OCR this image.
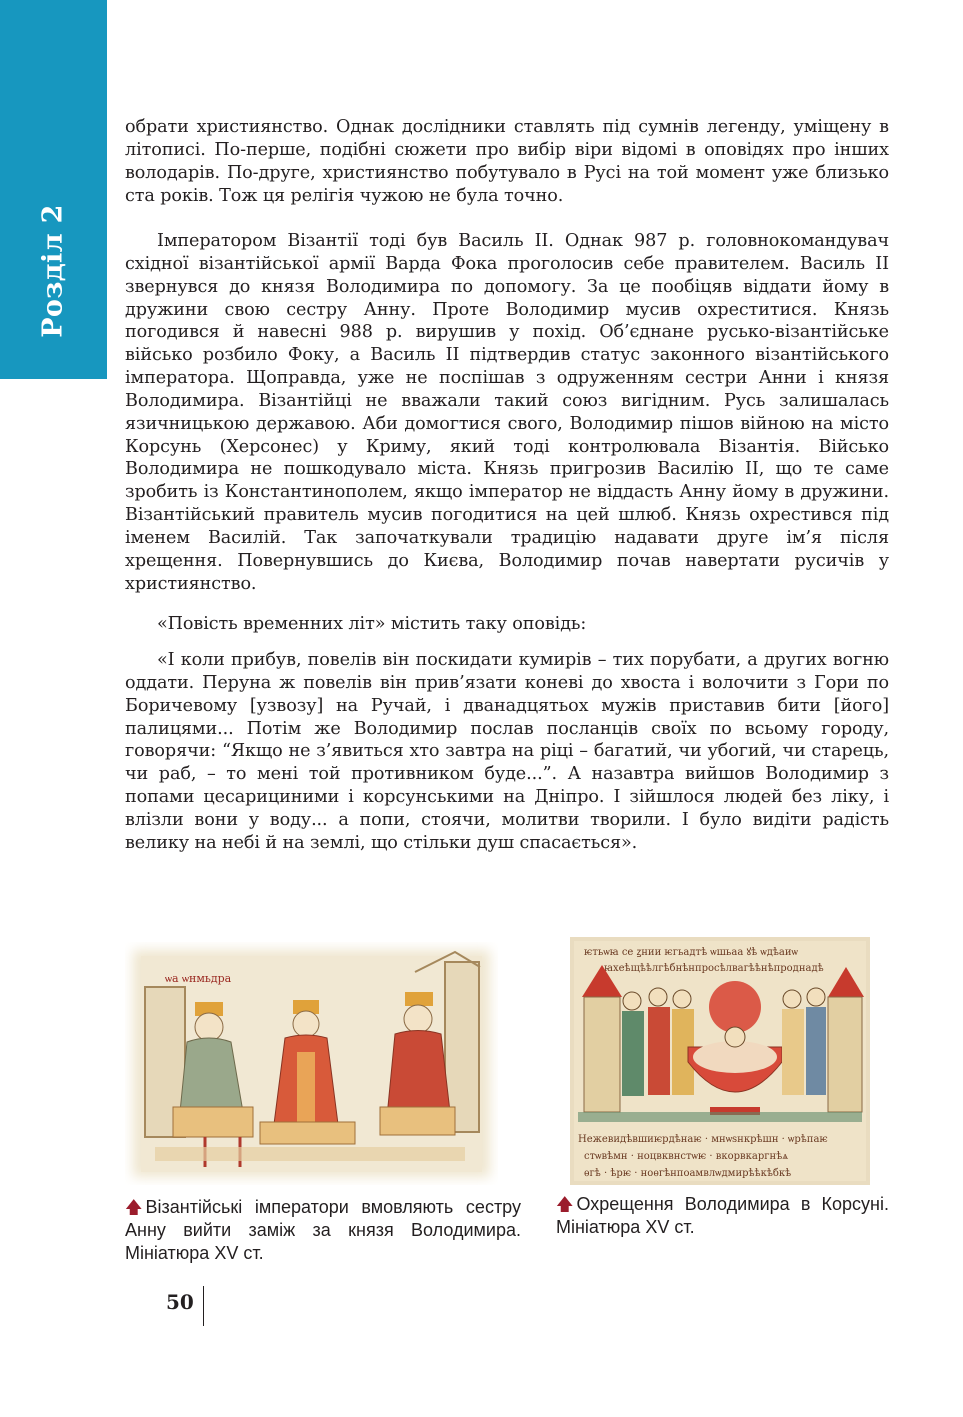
Розділ 2

обрати християнство. Однак дослідники ставлять під сумнів легенду, уміщену в літописі. По-перше, подібні сюжети про вибір віри відомі в оповідях про інших володарів. По-друге, християнство побутувало в Русі на той момент уже близько ста років. Тож ця релігія чужою не була точно.

Імператором Візантії тоді був Василь ІІ. Однак 987 р. головнокомандувач східної візантійської армії Варда Фока проголосив себе правителем. Василь ІІ звернувся до князя Володимира по допомогу. За це пообіцяв віддати йому в дружини свою сестру Анну. Проте Володимир мусив охреститися. Князь погодився й навесні 988 р. вирушив у похід. Об’єднане русько-візантійське військо розбило Фоку, а Василь ІІ підтвердив статус законного візантійського імператора. Щоправда, уже не поспішав з одруженням сестри Анни і князя Володимира. Візантійці не вважали такий союз вигідним. Русь залишалась язичницькою державою. Аби домогтися свого, Володимир пішов війною на місто Корсунь (Херсонес) у Криму, який тоді контролювала Візантія. Військо Володимира не пошкодувало міста. Князь пригрозив Василію ІІ, що те саме зробить із Константинополем, якщо імператор не віддасть Анну йому в дружини. Візантійський правитель мусив погодитися на цей шлюб. Князь охрестився під іменем Василій. Так започаткували традицію надавати друге ім’я після хрещення. Повернувшись до Києва, Володимир почав навертати русичів у християнство.

«Повість временних літ» містить таку оповідь:

«І коли прибув, повелів він поскидати кумирів – тих порубати, а других вогню оддати. Перуна ж повелів він прив’язати коневі до хвоста і волочити з Гори по Боричевому [узвозу] на Ручай, і дванадцятьох мужів приставив бити [його] палицями... Потім же Володимир послав посланців своїх по всьому городу, говорячи: “Якщо не з’явиться хто завтра на ріці – багатий, чи убогий, чи старець, чи раб, – то мені той противником буде...”. А назавтра вийшов Володимир з попами цесарициними і корсунськими на Дніпро. І зійшлося людей без ліку, і влізли вони у воду... а попи, стоячи, молитви творили. І було видіти радість велику на небі й на землі, що стільки душ спасається».

ѡа ѡнмьдра
ѥтьѡꙗ се ꙁнии ѥгьадтѣ ѡшьаа ꙋѣ ѡдѣаиѡ
ꙗхеѣщѣѣлгѣбнѣнпросѣлвагѣѣнѣпроднадѣ
Нежевидѣвшиѥрдѣнаѥ · мнѡѕнкрѣшн · ѡрѣпаѥ
стѡвѣмн · ноцвквнстѡѥ · вкорвкаргнѣѧ
ѳгѣ · ѣрѥ · ноѳгѣнпоамвлѡдмирѣѣкѣбкѣ
🡅 Візантійські імператори вмовляють сестру Анну вийти заміж за князя Володимира. Мініатюра XV ст.
🡅 Охрещення Володимира в Корсуні. Мініатюра XV ст.
50
